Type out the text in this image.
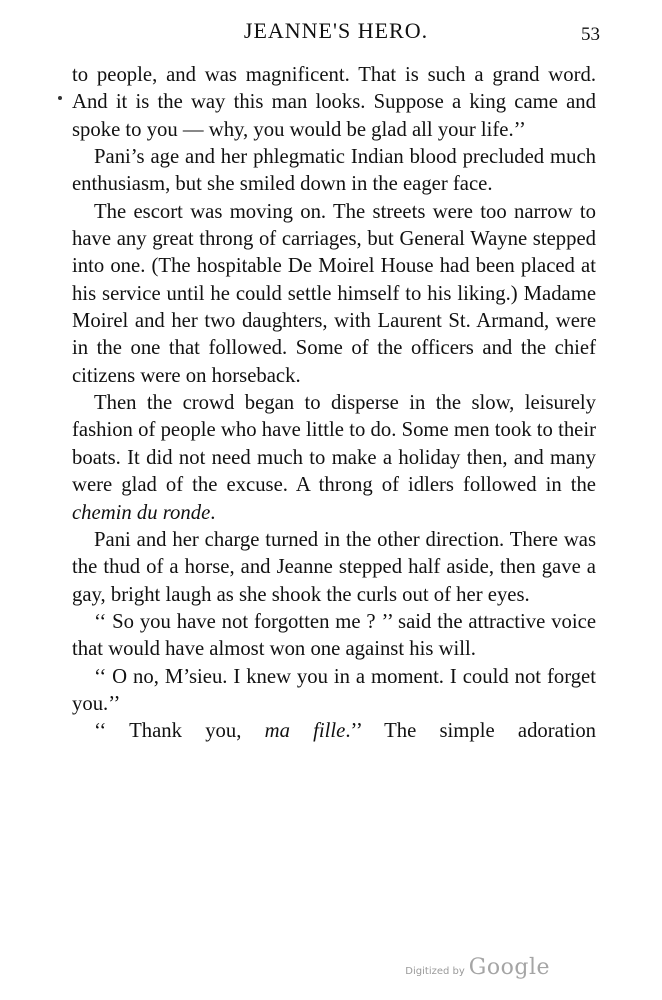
JEANNE'S HERO.	53

to people, and was magnificent. That is such a grand word. And it is the way this man looks. Suppose a king came and spoke to you — why, you would be glad all your life.’’

Pani’s age and her phlegmatic Indian blood precluded much enthusiasm, but she smiled down in the eager face.

The escort was moving on. The streets were too narrow to have any great throng of carriages, but General Wayne stepped into one. (The hospitable De Moirel House had been placed at his service until he could settle himself to his liking.) Madame Moirel and her two daughters, with Laurent St. Armand, were in the one that followed. Some of the officers and the chief citizens were on horseback.

Then the crowd began to disperse in the slow, leisurely fashion of people who have little to do. Some men took to their boats. It did not need much to make a holiday then, and many were glad of the excuse. A throng of idlers followed in the chemin du ronde.

Pani and her charge turned in the other direction. There was the thud of a horse, and Jeanne stepped half aside, then gave a gay, bright laugh as she shook the curls out of her eyes.

‘‘ So you have not forgotten me ? ’’ said the attractive voice that would have almost won one against his will.

‘‘ O no, M’sieu. I knew you in a moment. I could not forget you.’’

‘‘ Thank you, ma fille.’’ The simple adoration

Digitized by Google
